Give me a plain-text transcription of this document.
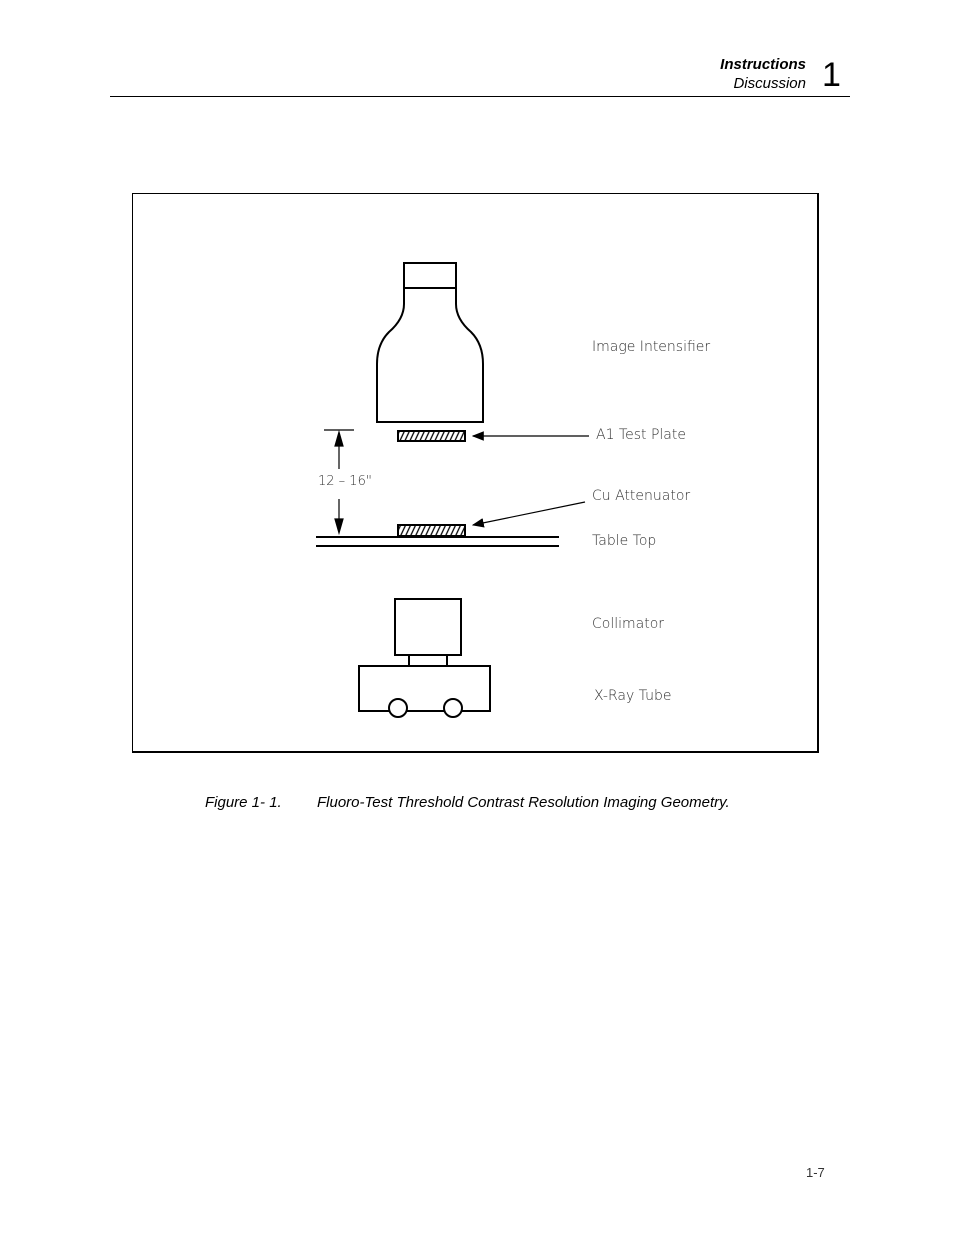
Instructions
Discussion 1
Image Intensifier
A1 Test Plate
12 – 16"
Cu Attenuator
Table Top
Collimator
X-Ray Tube
Figure 1- 1. Fluoro-Test Threshold Contrast Resolution Imaging Geometry.
1-7
